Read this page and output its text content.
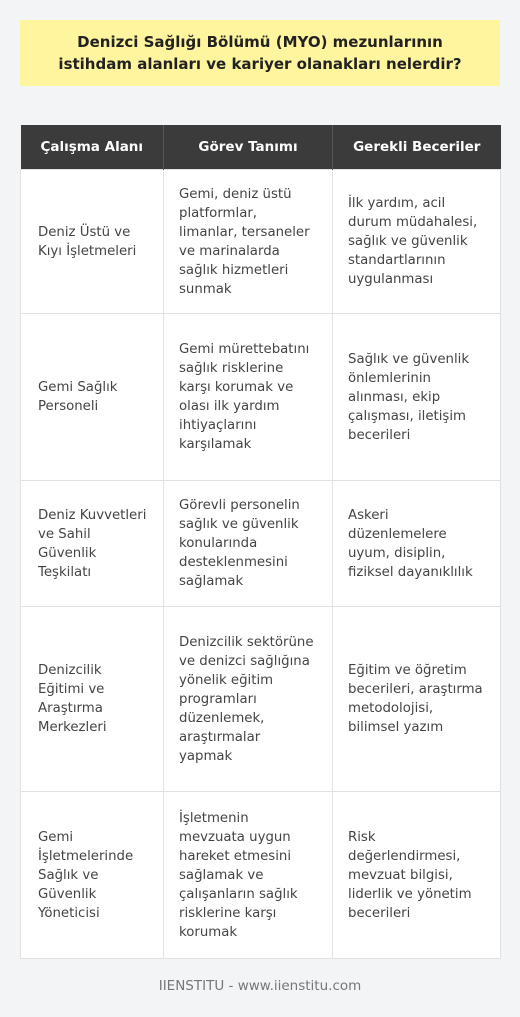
Denizci Sağlığı Bölümü (MYO) mezunlarının istihdam alanları ve kariyer olanakları nelerdir?
Çalışma Alanı	Görev Tanımı	Gerekli Beceriler
Deniz Üstü ve Kıyı İşletmeleri	Gemi, deniz üstü platformlar, limanlar, tersaneler ve marinalarda sağlık hizmetleri sunmak	İlk yardım, acil durum müdahalesi, sağlık ve güvenlik standartlarının uygulanması
Gemi Sağlık Personeli	Gemi mürettebatını sağlık risklerine karşı korumak ve olası ilk yardım ihtiyaçlarını karşılamak	Sağlık ve güvenlik önlemlerinin alınması, ekip çalışması, iletişim becerileri
Deniz Kuvvetleri ve Sahil Güvenlik Teşkilatı	Görevli personelin sağlık ve güvenlik konularında desteklenmesini sağlamak	Askeri düzenlemelere uyum, disiplin, fiziksel dayanıklılık
Denizcilik Eğitimi ve Araştırma Merkezleri	Denizcilik sektörüne ve denizci sağlığına yönelik eğitim programları düzenlemek, araştırmalar yapmak	Eğitim ve öğretim becerileri, araştırma metodolojisi, bilimsel yazım
Gemi İşletmelerinde Sağlık ve Güvenlik Yöneticisi	İşletmenin mevzuata uygun hareket etmesini sağlamak ve çalışanların sağlık risklerine karşı korumak	Risk değerlendirmesi, mevzuat bilgisi, liderlik ve yönetim becerileri
IIENSTITU - www.iienstitu.com
